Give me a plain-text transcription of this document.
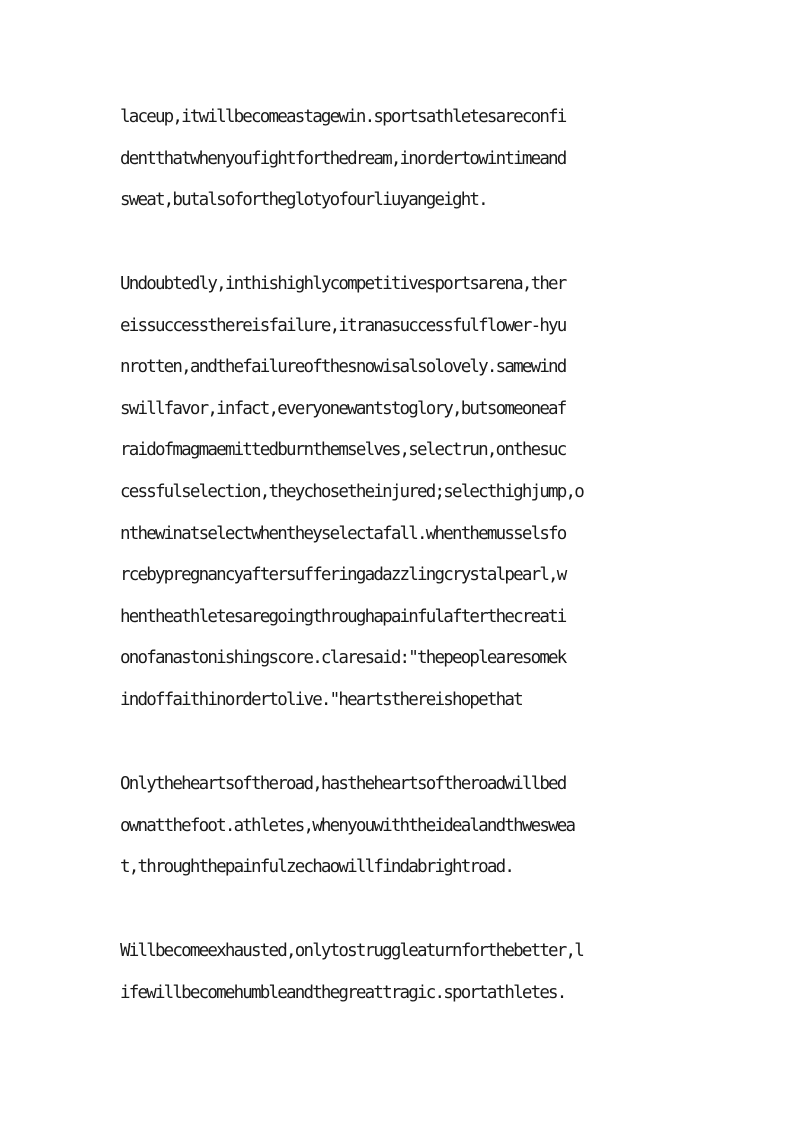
laceup,itwillbecomeastagewin.sportsathletesareconfi
dentthatwhenyoufightforthedream,inordertowintimeand
sweat,butalsofortheglotyofourliuyangeight.

Undoubtedly,inthishighlycompetitivesportsarena,ther
eissuccessthereisfailure,itranasuccessfulflower-hyu
nrotten,andthefailureofthesnowisalsolovely.samewind
swillfavor,infact,everyonewantstoglory,butsomeoneaf
raidofmagmaemittedburnthemselves,selectrun,onthesuc
cessfulselection,theychosetheinjured;selecthighjump,o
nthewinatselectwhentheyselectafall.whenthemusselsfo
rcebypregnancyaftersufferingadazzlingcrystalpearl,w
hentheathletesaregoingthroughapainfulafterthecreati
onofanastonishingscore.claresaid:"thepeoplearesomek
indoffaithinordertolive."heartsthereishopethat

Onlytheheartsoftheroad,hastheheartsoftheroadwillbed
ownatthefoot.athletes,whenyouwiththeidealandthweswea
t,throughthepainfulzechaowillfindabrightroad.

Willbecomeexhausted,onlytostruggleaturnforthebetter,l
ifewillbecomehumbleandthegreattragic.sportathletes.
